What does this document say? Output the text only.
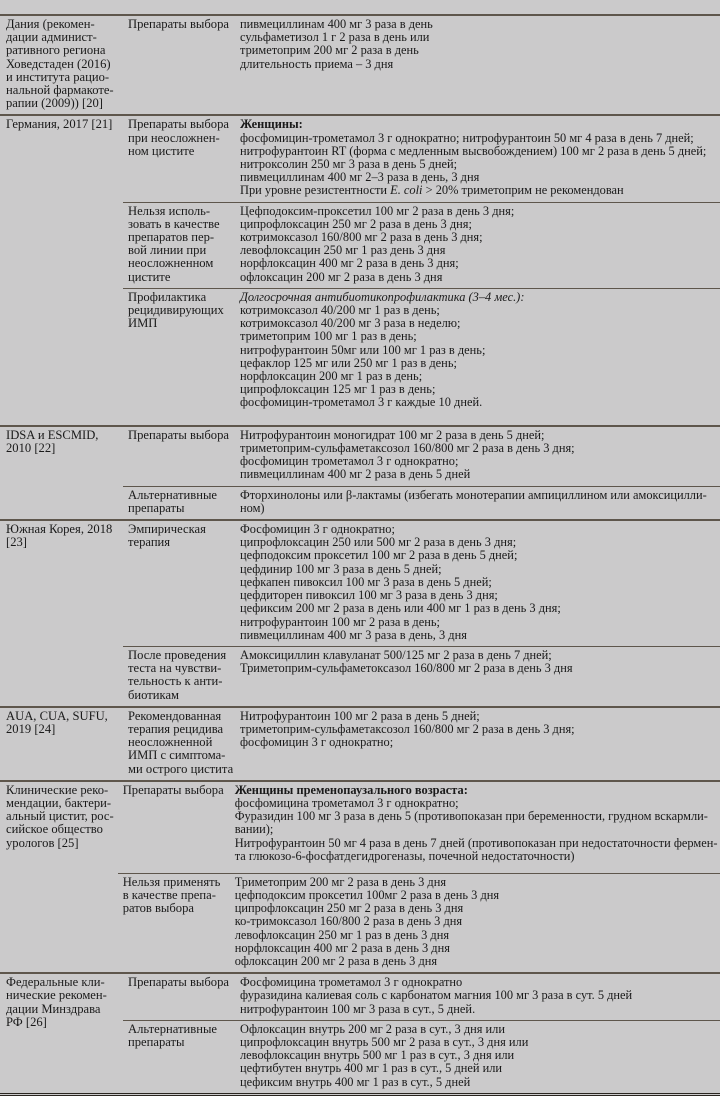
Дания (рекомен-
дации админист-
ративного региона
Ховедстаден (2016)
и института рацио-
нальной фармакоте-
рапии (2009)) [20]
Препараты выбора пивмециллинам 400 мг 3 раза в день
сульфаметизол 1 г 2 раза в день или
триметоприм 200 мг 2 раза в день
длительность приема – 3 дня
Германия, 2017 [21]	Препараты выбора
при неосложнен-
ном цистите
Женщины:
фосфомицин-трометамол 3 г однократно; нитрофурантоин 50 мг 4 раза в день 7 дней;
нитрофурантоин RT (форма с медленным высвобождением) 100 мг 2 раза в день 5 дней;
нитроксолин 250 мг 3 раза в день 5 дней;
пивмециллинам 400 мг 2–3 раза в день, 3 дня
При уровне резистентности E. coli > 20% триметоприм не рекомендован
Нельзя исполь-
зовать в качестве
препаратов пер-
вой линии при
неосложненном
цистите
Цефподоксим-проксетил 100 мг 2 раза в день 3 дня;
ципрофлоксацин 250 мг 2 раза в день 3 дня;
котримоксазол 160/800 мг 2 раза в день 3 дня;
левофлоксацин 250 мг 1 раз день 3 дня
норфлоксацин 400 мг 2 раза в день 3 дня;
офлоксацин 200 мг 2 раза в день 3 дня
Профилактика
рецидивирующих
ИМП
Долгосрочная антибиотикопрофилактика (3–4 мес.):
котримоксазол 40/200 мг 1 раз в день;
котримоксазол 40/200 мг 3 раза в неделю;
триметоприм 100 мг 1 раз в день;
нитрофурантоин 50мг или 100 мг 1 раз в день;
цефаклор 125 мг или 250 мг 1 раз в день;
норфлоксацин 200 мг 1 раз в день;
ципрофлоксацин 125 мг 1 раз в день;
фосфомицин-трометамол 3 г каждые 10 дней.
IDSA и ESCMID,
2010 [22]
Препараты выбора Нитрофурантоин моногидрат 100 мг 2 раза в день 5 дней;
триметоприм-сульфаметаксозол 160/800 мг 2 раза в день 3 дня;
фосфомицин трометамол 3 г однократно;
пивмециллинам 400 мг 2 раза в день 5 дней
Альтернативные
препараты
Фторхинолоны или β-лактамы (избегать монотерапии ампициллином или амоксицилли-
ном)
Южная Корея, 2018
[23]
Эмпирическая
терапия
Фосфомицин 3 г однократно;
ципрофлоксацин 250 или 500 мг 2 раза в день 3 дня;
цефподоксим проксетил 100 мг 2 раза в день 5 дней;
цефдинир 100 мг 3 раза в день 5 дней;
цефкапен пивоксил 100 мг 3 раза в день 5 дней;
цефдиторен пивоксил 100 мг 3 раза в день 3 дня;
цефиксим 200 мг 2 раза в день или 400 мг 1 раз в день 3 дня;
нитрофурантоин 100 мг 2 раза в день;
пивмециллинам 400 мг 3 раза в день, 3 дня
После проведения
теста на чувстви-
тельность к анти-
биотикам
Амоксициллин клавуланат 500/125 мг 2 раза в день 7 дней;
Триметоприм-сульфаметоксазол 160/800 мг 2 раза в день 3 дня
AUA, CUA, SUFU,
2019 [24]
Рекомендованная
терапия рецидива
неосложненной
ИМП с симптома-
ми острого цистита
Нитрофурантоин 100 мг 2 раза в день 5 дней;
триметоприм-сульфаметаксозол 160/800 мг 2 раза в день 3 дня;
фосфомицин 3 г однократно;
Клинические реко-
мендации, бактери-
альный цистит, рос-
сийское общество
урологов [25]
Препараты выбора Женщины пременопаузального возраста:
фосфомицина трометамол 3 г однократно;
Фуразидин 100 мг 3 раза в день 5 (противопоказан при беременности, грудном вскармли-
вании);
Нитрофурантоин 50 мг 4 раза в день 7 дней (противопоказан при недостаточности фермен-
та глюкозо-6-фосфатдегидрогеназы, почечной недостаточности)
Нельзя применять
в качестве препа-
ратов выбора
Триметоприм 200 мг 2 раза в день 3 дня
цефподоксим проксетил 100мг 2 раза в день 3 дня
ципрофлоксацин 250 мг 2 раза в день 3 дня
ко-тримоксазол 160/800 2 раза в день 3 дня
левофлоксацин 250 мг 1 раз в день 3 дня
норфлоксацин 400 мг 2 раза в день 3 дня
офлоксацин 200 мг 2 раза в день 3 дня
Федеральные кли-
нические рекомен-
дации Минздрава
РФ [26]
Препараты выбора Фосфомицина трометамол 3 г однократно
фуразидина калиевая соль с карбонатом магния 100 мг 3 раза в сут. 5 дней
нитрофурантоин 100 мг 3 раза в сут., 5 дней.
Альтернативные
препараты
Офлоксацин внутрь 200 мг 2 раза в сут., 3 дня или
ципрофлоксацин внутрь 500 мг 2 раза в сут., 3 дня или
левофлоксацин внутрь 500 мг 1 раз в сут., 3 дня или
цефтибутен внутрь 400 мг 1 раз в сут., 5 дней или
цефиксим внутрь 400 мг 1 раз в сут., 5 дней
